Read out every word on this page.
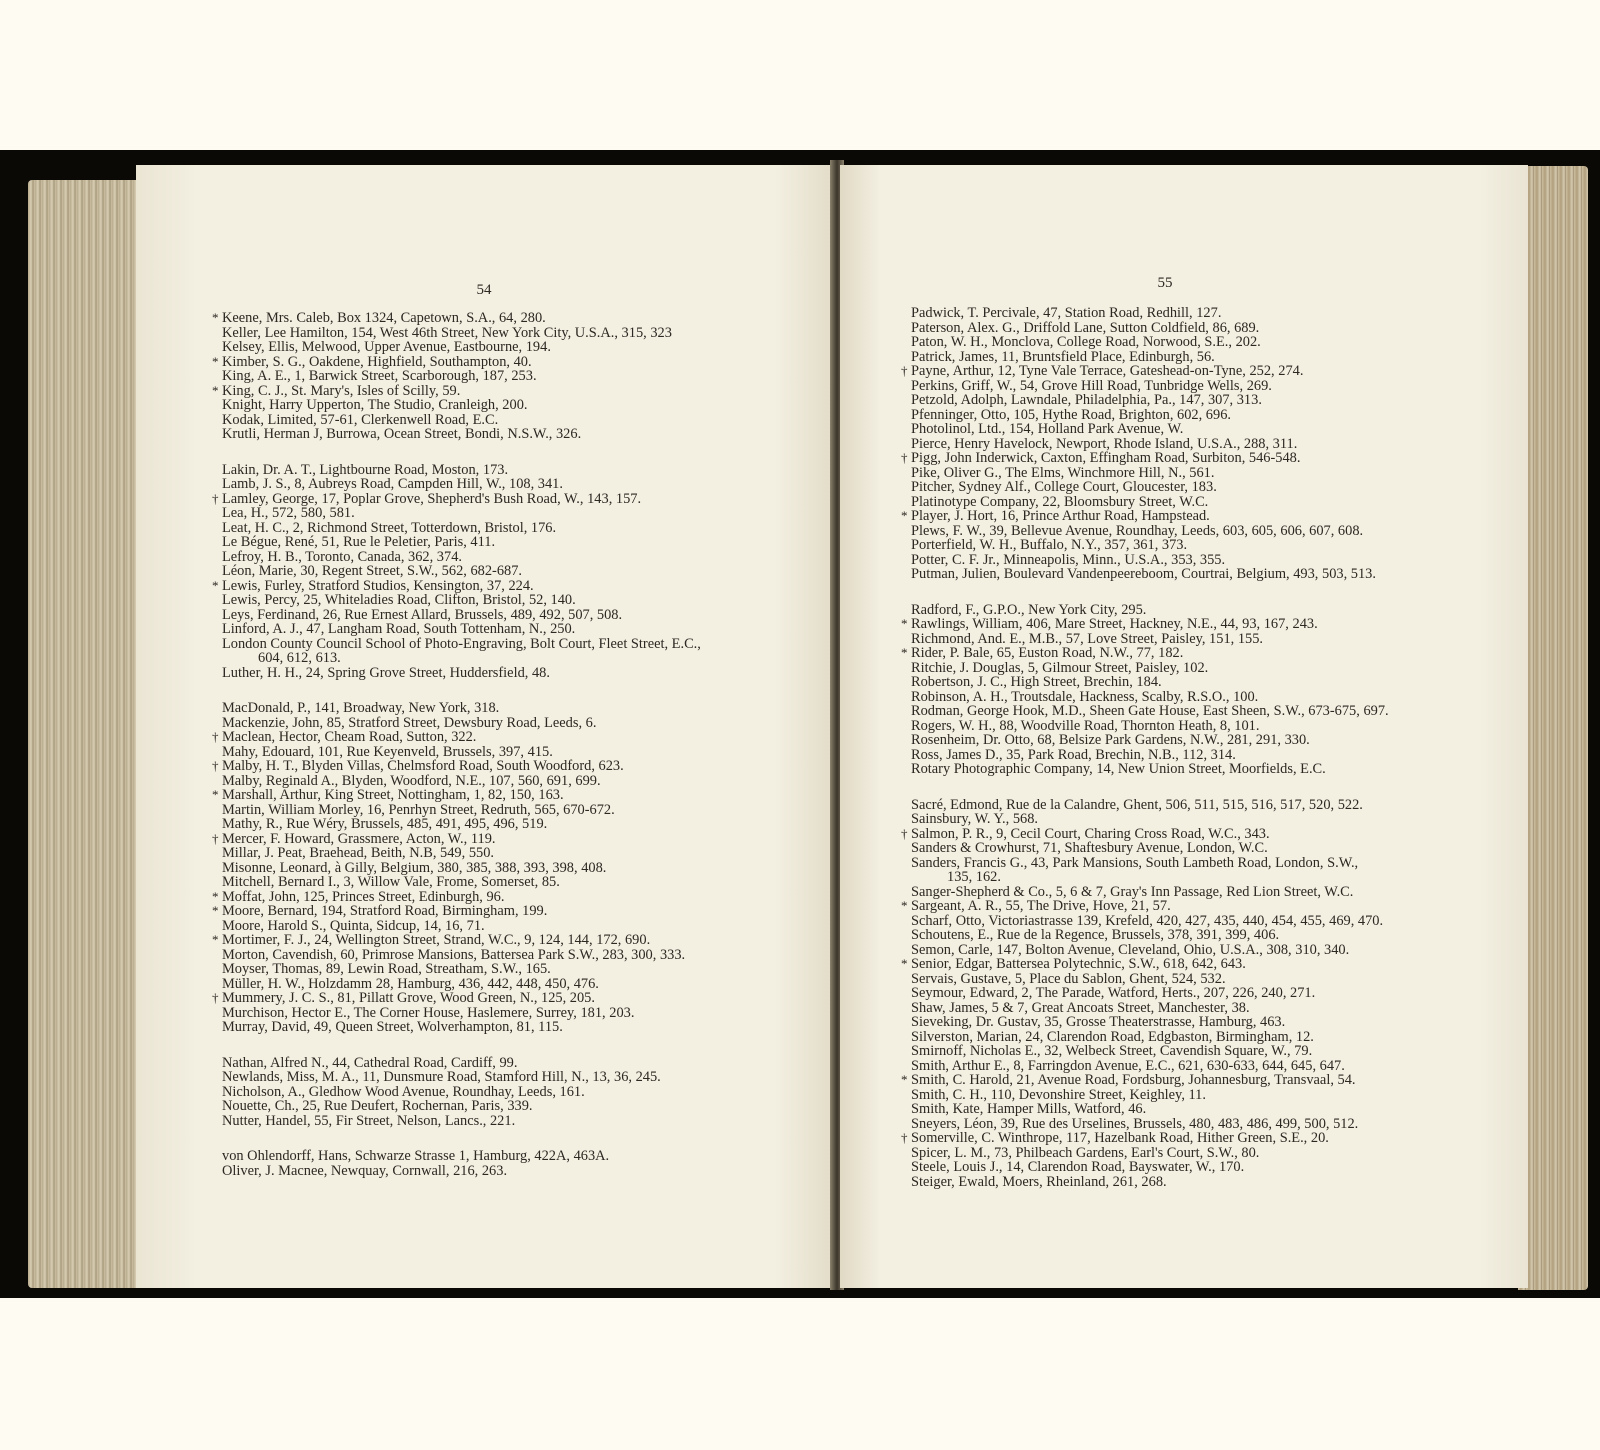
54
* Keene, Mrs. Caleb, Box 1324, Capetown, S.A., 64, 280.
Keller, Lee Hamilton, 154, West 46th Street, New York City, U.S.A., 315, 323
Kelsey, Ellis, Melwood, Upper Avenue, Eastbourne, 194.
* Kimber, S. G., Oakdene, Highfield, Southampton, 40.
King, A. E., 1, Barwick Street, Scarborough, 187, 253.
* King, C. J., St. Mary's, Isles of Scilly, 59.
Knight, Harry Upperton, The Studio, Cranleigh, 200.
Kodak, Limited, 57-61, Clerkenwell Road, E.C.
Krutli, Herman J, Burrowa, Ocean Street, Bondi, N.S.W., 326.
Lakin, Dr. A. T., Lightbourne Road, Moston, 173.
Lamb, J. S., 8, Aubreys Road, Campden Hill, W., 108, 341.
† Lamley, George, 17, Poplar Grove, Shepherd's Bush Road, W., 143, 157.
Lea, H., 572, 580, 581.
Leat, H. C., 2, Richmond Street, Totterdown, Bristol, 176.
Le Bégue, René, 51, Rue le Peletier, Paris, 411.
Lefroy, H. B., Toronto, Canada, 362, 374.
Léon, Marie, 30, Regent Street, S.W., 562, 682-687.
* Lewis, Furley, Stratford Studios, Kensington, 37, 224.
Lewis, Percy, 25, Whiteladies Road, Clifton, Bristol, 52, 140.
Leys, Ferdinand, 26, Rue Ernest Allard, Brussels, 489, 492, 507, 508.
Linford, A. J., 47, Langham Road, South Tottenham, N., 250.
London County Council School of Photo-Engraving, Bolt Court, Fleet Street, E.C.,
604, 612, 613.
Luther, H. H., 24, Spring Grove Street, Huddersfield, 48.
MacDonald, P., 141, Broadway, New York, 318.
Mackenzie, John, 85, Stratford Street, Dewsbury Road, Leeds, 6.
† Maclean, Hector, Cheam Road, Sutton, 322.
Mahy, Edouard, 101, Rue Keyenveld, Brussels, 397, 415.
† Malby, H. T., Blyden Villas, Chelmsford Road, South Woodford, 623.
Malby, Reginald A., Blyden, Woodford, N.E., 107, 560, 691, 699.
* Marshall, Arthur, King Street, Nottingham, 1, 82, 150, 163.
Martin, William Morley, 16, Penrhyn Street, Redruth, 565, 670-672.
Mathy, R., Rue Wéry, Brussels, 485, 491, 495, 496, 519.
† Mercer, F. Howard, Grassmere, Acton, W., 119.
Millar, J. Peat, Braehead, Beith, N.B, 549, 550.
Misonne, Leonard, à Gilly, Belgium, 380, 385, 388, 393, 398, 408.
Mitchell, Bernard I., 3, Willow Vale, Frome, Somerset, 85.
* Moffat, John, 125, Princes Street, Edinburgh, 96.
* Moore, Bernard, 194, Stratford Road, Birmingham, 199.
Moore, Harold S., Quinta, Sidcup, 14, 16, 71.
* Mortimer, F. J., 24, Wellington Street, Strand, W.C., 9, 124, 144, 172, 690.
Morton, Cavendish, 60, Primrose Mansions, Battersea Park S.W., 283, 300, 333.
Moyser, Thomas, 89, Lewin Road, Streatham, S.W., 165.
Müller, H. W., Holzdamm 28, Hamburg, 436, 442, 448, 450, 476.
† Mummery, J. C. S., 81, Pillatt Grove, Wood Green, N., 125, 205.
Murchison, Hector E., The Corner House, Haslemere, Surrey, 181, 203.
Murray, David, 49, Queen Street, Wolverhampton, 81, 115.
Nathan, Alfred N., 44, Cathedral Road, Cardiff, 99.
Newlands, Miss, M. A., 11, Dunsmure Road, Stamford Hill, N., 13, 36, 245.
Nicholson, A., Gledhow Wood Avenue, Roundhay, Leeds, 161.
Nouette, Ch., 25, Rue Deufert, Rochernan, Paris, 339.
Nutter, Handel, 55, Fir Street, Nelson, Lancs., 221.
von Ohlendorff, Hans, Schwarze Strasse 1, Hamburg, 422A, 463A.
Oliver, J. Macnee, Newquay, Cornwall, 216, 263.
55
Padwick, T. Percivale, 47, Station Road, Redhill, 127.
Paterson, Alex. G., Driffold Lane, Sutton Coldfield, 86, 689.
Paton, W. H., Monclova, College Road, Norwood, S.E., 202.
Patrick, James, 11, Bruntsfield Place, Edinburgh, 56.
† Payne, Arthur, 12, Tyne Vale Terrace, Gateshead-on-Tyne, 252, 274.
Perkins, Griff, W., 54, Grove Hill Road, Tunbridge Wells, 269.
Petzold, Adolph, Lawndale, Philadelphia, Pa., 147, 307, 313.
Pfenninger, Otto, 105, Hythe Road, Brighton, 602, 696.
Photolinol, Ltd., 154, Holland Park Avenue, W.
Pierce, Henry Havelock, Newport, Rhode Island, U.S.A., 288, 311.
† Pigg, John Inderwick, Caxton, Effingham Road, Surbiton, 546-548.
Pike, Oliver G., The Elms, Winchmore Hill, N., 561.
Pitcher, Sydney Alf., College Court, Gloucester, 183.
Platinotype Company, 22, Bloomsbury Street, W.C.
* Player, J. Hort, 16, Prince Arthur Road, Hampstead.
Plews, F. W., 39, Bellevue Avenue, Roundhay, Leeds, 603, 605, 606, 607, 608.
Porterfield, W. H., Buffalo, N.Y., 357, 361, 373.
Potter, C. F. Jr., Minneapolis, Minn., U.S.A., 353, 355.
Putman, Julien, Boulevard Vandenpeereboom, Courtrai, Belgium, 493, 503, 513.
Radford, F., G.P.O., New York City, 295.
* Rawlings, William, 406, Mare Street, Hackney, N.E., 44, 93, 167, 243.
Richmond, And. E., M.B., 57, Love Street, Paisley, 151, 155.
* Rider, P. Bale, 65, Euston Road, N.W., 77, 182.
Ritchie, J. Douglas, 5, Gilmour Street, Paisley, 102.
Robertson, J. C., High Street, Brechin, 184.
Robinson, A. H., Troutsdale, Hackness, Scalby, R.S.O., 100.
Rodman, George Hook, M.D., Sheen Gate House, East Sheen, S.W., 673-675, 697.
Rogers, W. H., 88, Woodville Road, Thornton Heath, 8, 101.
Rosenheim, Dr. Otto, 68, Belsize Park Gardens, N.W., 281, 291, 330.
Ross, James D., 35, Park Road, Brechin, N.B., 112, 314.
Rotary Photographic Company, 14, New Union Street, Moorfields, E.C.
Sacré, Edmond, Rue de la Calandre, Ghent, 506, 511, 515, 516, 517, 520, 522.
Sainsbury, W. Y., 568.
† Salmon, P. R., 9, Cecil Court, Charing Cross Road, W.C., 343.
Sanders & Crowhurst, 71, Shaftesbury Avenue, London, W.C.
Sanders, Francis G., 43, Park Mansions, South Lambeth Road, London, S.W.,
135, 162.
Sanger-Shepherd & Co., 5, 6 & 7, Gray's Inn Passage, Red Lion Street, W.C.
* Sargeant, A. R., 55, The Drive, Hove, 21, 57.
Scharf, Otto, Victoriastrasse 139, Krefeld, 420, 427, 435, 440, 454, 455, 469, 470.
Schoutens, E., Rue de la Regence, Brussels, 378, 391, 399, 406.
Semon, Carle, 147, Bolton Avenue, Cleveland, Ohio, U.S.A., 308, 310, 340.
* Senior, Edgar, Battersea Polytechnic, S.W., 618, 642, 643.
Servais, Gustave, 5, Place du Sablon, Ghent, 524, 532.
Seymour, Edward, 2, The Parade, Watford, Herts., 207, 226, 240, 271.
Shaw, James, 5 & 7, Great Ancoats Street, Manchester, 38.
Sieveking, Dr. Gustav, 35, Grosse Theaterstrasse, Hamburg, 463.
Silverston, Marian, 24, Clarendon Road, Edgbaston, Birmingham, 12.
Smirnoff, Nicholas E., 32, Welbeck Street, Cavendish Square, W., 79.
Smith, Arthur E., 8, Farringdon Avenue, E.C., 621, 630-633, 644, 645, 647.
* Smith, C. Harold, 21, Avenue Road, Fordsburg, Johannesburg, Transvaal, 54.
Smith, C. H., 110, Devonshire Street, Keighley, 11.
Smith, Kate, Hamper Mills, Watford, 46.
Sneyers, Léon, 39, Rue des Urselines, Brussels, 480, 483, 486, 499, 500, 512.
† Somerville, C. Winthrope, 117, Hazelbank Road, Hither Green, S.E., 20.
Spicer, L. M., 73, Philbeach Gardens, Earl's Court, S.W., 80.
Steele, Louis J., 14, Clarendon Road, Bayswater, W., 170.
Steiger, Ewald, Moers, Rheinland, 261, 268.
